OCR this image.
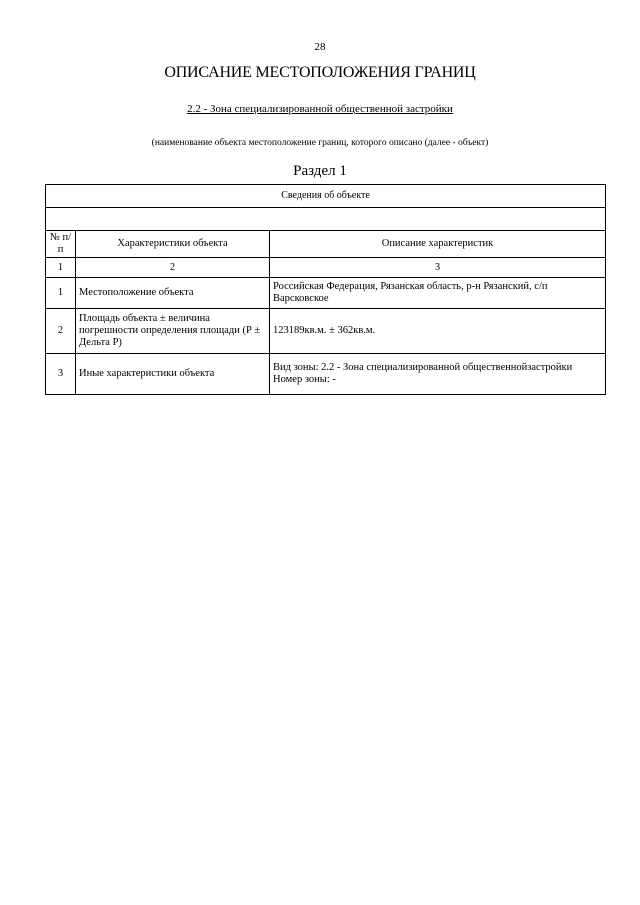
28
ОПИСАНИЕ МЕСТОПОЛОЖЕНИЯ ГРАНИЦ
2.2 - Зона специализированной общественной застройки
(наименование объекта местоположение границ, которого описано (далее - объект)
Раздел 1
Сведения об объекте		

№ п/п	Характеристики объекта	Описание характеристик
1	2	3
1	Местоположение объекта	Российская Федерация, Рязанская область, р-н Рязанский, с/п Варсковское

2	Площадь объекта ± величина погрешности определения площади (Р ± Дельта Р)	123189кв.м. ± 362кв.м.

3	Иные характеристики объекта	Вид зоны: 2.2 - Зона специализированной общественнойзастройки
Номер зоны: -
